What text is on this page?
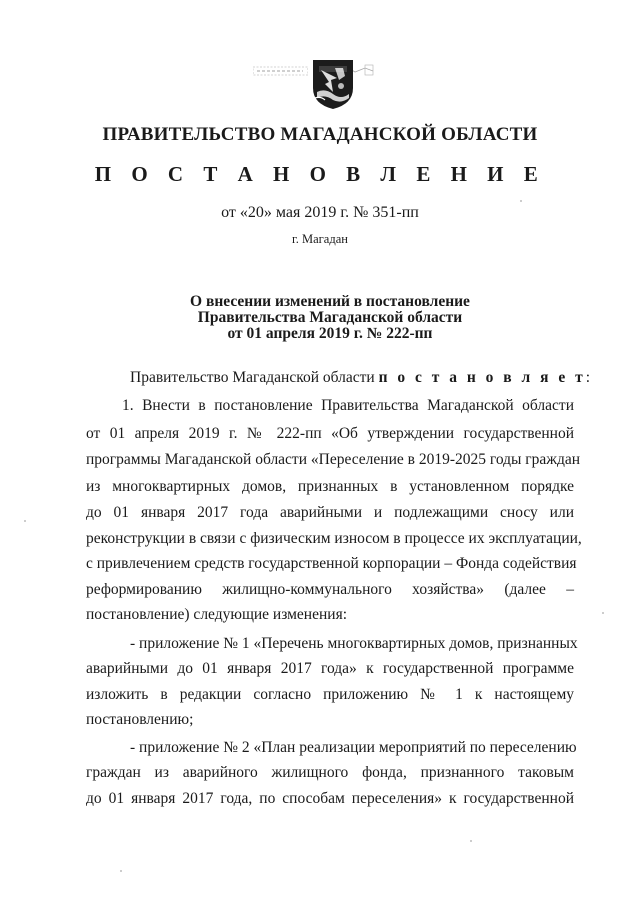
ПРАВИТЕЛЬСТВО МАГАДАНСКОЙ ОБЛАСТИ
П О С Т А Н О В Л Е Н И Е
от «20» мая 2019 г. № 351-пп
г. Магадан
О внесении изменений в постановление
Правительства Магаданской области
от 01 апреля 2019 г. № 222-пп
Правительство Магаданской области п о с т а н о в л я е т:
1. Внести в постановление Правительства Магаданской области
от 01 апреля 2019 г. № 222-пп «Об утверждении государственной
программы Магаданской области «Переселение в 2019-2025 годы граждан
из многоквартирных домов, признанных в установленном порядке
до 01 января 2017 года аварийными и подлежащими сносу или
реконструкции в связи с физическим износом в процессе их эксплуатации,
с привлечением средств государственной корпорации – Фонда содействия
реформированию жилищно-коммунального хозяйства» (далее –
постановление) следующие изменения:
- приложение № 1 «Перечень многоквартирных домов, признанных
аварийными до 01 января 2017 года» к государственной программе
изложить в редакции согласно приложению № 1 к настоящему
постановлению;
- приложение № 2 «План реализации мероприятий по переселению
граждан из аварийного жилищного фонда, признанного таковым
до 01 января 2017 года, по способам переселения» к государственной
